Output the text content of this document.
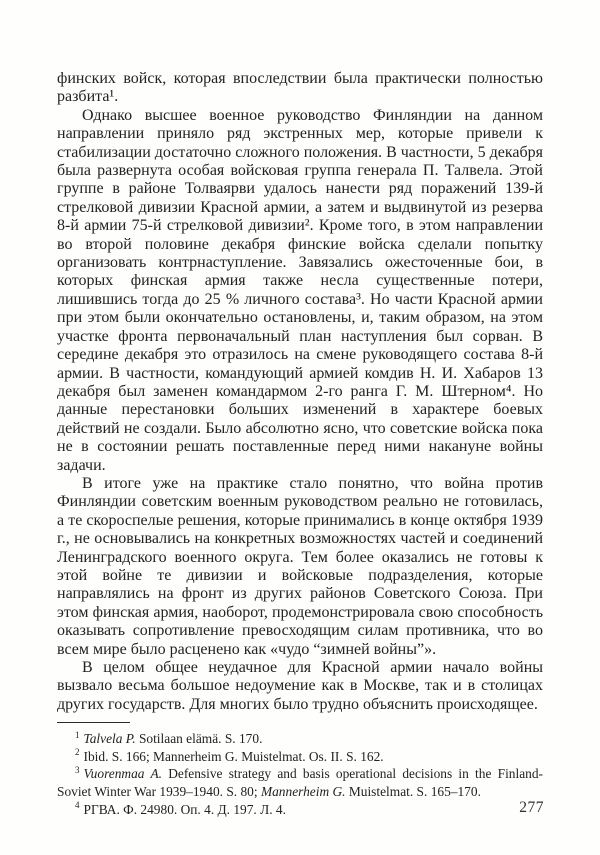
финских войск, которая впоследствии была практически полностью разбита¹.

Однако высшее военное руководство Финляндии на данном направлении приняло ряд экстренных мер, которые привели к стабилизации достаточно сложного положения. В частности, 5 декабря была развернута особая войсковая группа генерала П. Талвела. Этой группе в районе Толваярви удалось нанести ряд поражений 139-й стрелковой дивизии Красной армии, а затем и выдвинутой из резерва 8-й армии 75-й стрелковой дивизии². Кроме того, в этом направлении во второй половине декабря финские войска сделали попытку организовать контрнаступление. Завязались ожесточенные бои, в которых финская армия также несла существенные потери, лишившись тогда до 25 % личного состава³. Но части Красной армии при этом были окончательно остановлены, и, таким образом, на этом участке фронта первоначальный план наступления был сорван. В середине декабря это отразилось на смене руководящего состава 8-й армии. В частности, командующий армией комдив Н. И. Хабаров 13 декабря был заменен командармом 2-го ранга Г. М. Штерном⁴. Но данные перестановки больших изменений в характере боевых действий не создали. Было абсолютно ясно, что советские войска пока не в состоянии решать поставленные перед ними накануне войны задачи.

В итоге уже на практике стало понятно, что война против Финляндии советским военным руководством реально не готовилась, а те скороспелые решения, которые принимались в конце октября 1939 г., не основывались на конкретных возможностях частей и соединений Ленинградского военного округа. Тем более оказались не готовы к этой войне те дивизии и войсковые подразделения, которые направлялись на фронт из других районов Советского Союза. При этом финская армия, наоборот, продемонстрировала свою способность оказывать сопротивление превосходящим силам противника, что во всем мире было расценено как «чудо “зимней войны”».

В целом общее неудачное для Красной армии начало войны вызвало весьма большое недоумение как в Москве, так и в столицах других государств. Для многих было трудно объяснить происходящее.

$^1$ Talvela P. Sotilaan elämä. S. 170.

$^2$ Ibid. S. 166; Mannerheim G. Muistelmat. Os. II. S. 162.

$^3$ Vuorenmaa A. Defensive strategy and basis operational decisions in the Finland-Soviet Winter War 1939–1940. S. 80; Mannerheim G. Muistelmat. S. 165–170.

$^4$ РГВА. Ф. 24980. Оп. 4. Д. 197. Л. 4.	277
